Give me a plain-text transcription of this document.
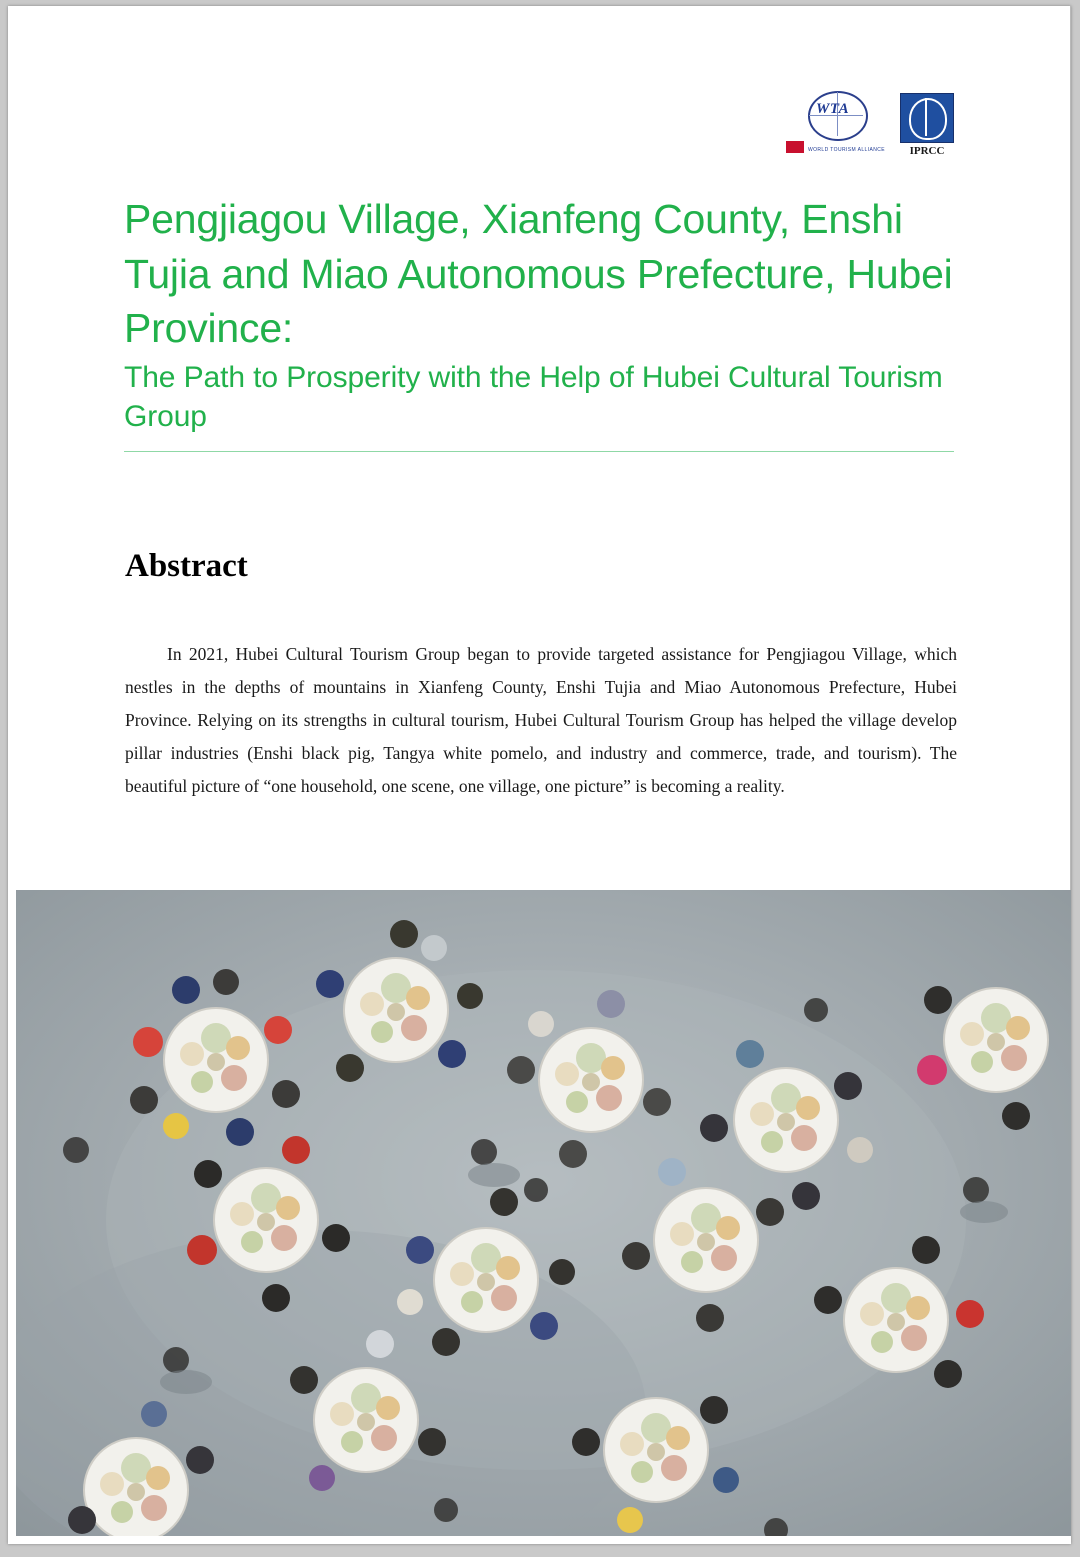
WTA
WORLD TOURISM ALLIANCE	IPRCC
Pengjiagou Village, Xianfeng County, Enshi Tujia and Miao Autonomous Prefecture, Hubei Province:
The Path to Prosperity with the Help of Hubei Cultural Tourism Group
Abstract

In 2021, Hubei Cultural Tourism Group began to provide targeted assistance for Pengjiagou Village, which nestles in the depths of mountains in Xianfeng County, Enshi Tujia and Miao Autonomous Prefecture, Hubei Province. Relying on its strengths in cultural tourism, Hubei Cultural Tourism Group has helped the village develop pillar industries (Enshi black pig, Tangya white pomelo, and industry and commerce, trade, and tourism). The beautiful picture of “one household, one scene, one village, one picture” is becoming a reality.
